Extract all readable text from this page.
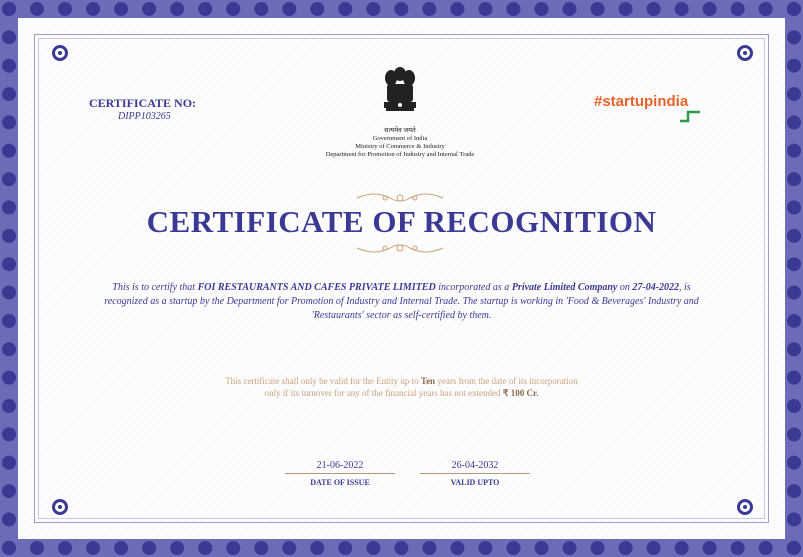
CERTIFICATE NO:
DIPP103265
सत्यमेव जयते
Government of India
Ministry of Commerce & Industry
Department for Promotion of Industry and Internal Trade
#startupindia
CERTIFICATE OF RECOGNITION
This is to certify that FOI RESTAURANTS AND CAFES PRIVATE LIMITED incorporated as a Private Limited Company on 27-04-2022, is recognized as a startup by the Department for Promotion of Industry and Internal Trade. The startup is working in 'Food & Beverages' Industry and 'Restaurants' sector as self-certified by them.
This certificate shall only be valid for the Entity up to Ten years from the date of its incorporation
only if its turnover for any of the financial years has not extended ₹ 100 Cr.
21-06-2022
DATE OF ISSUE
26-04-2032
VALID UPTO
